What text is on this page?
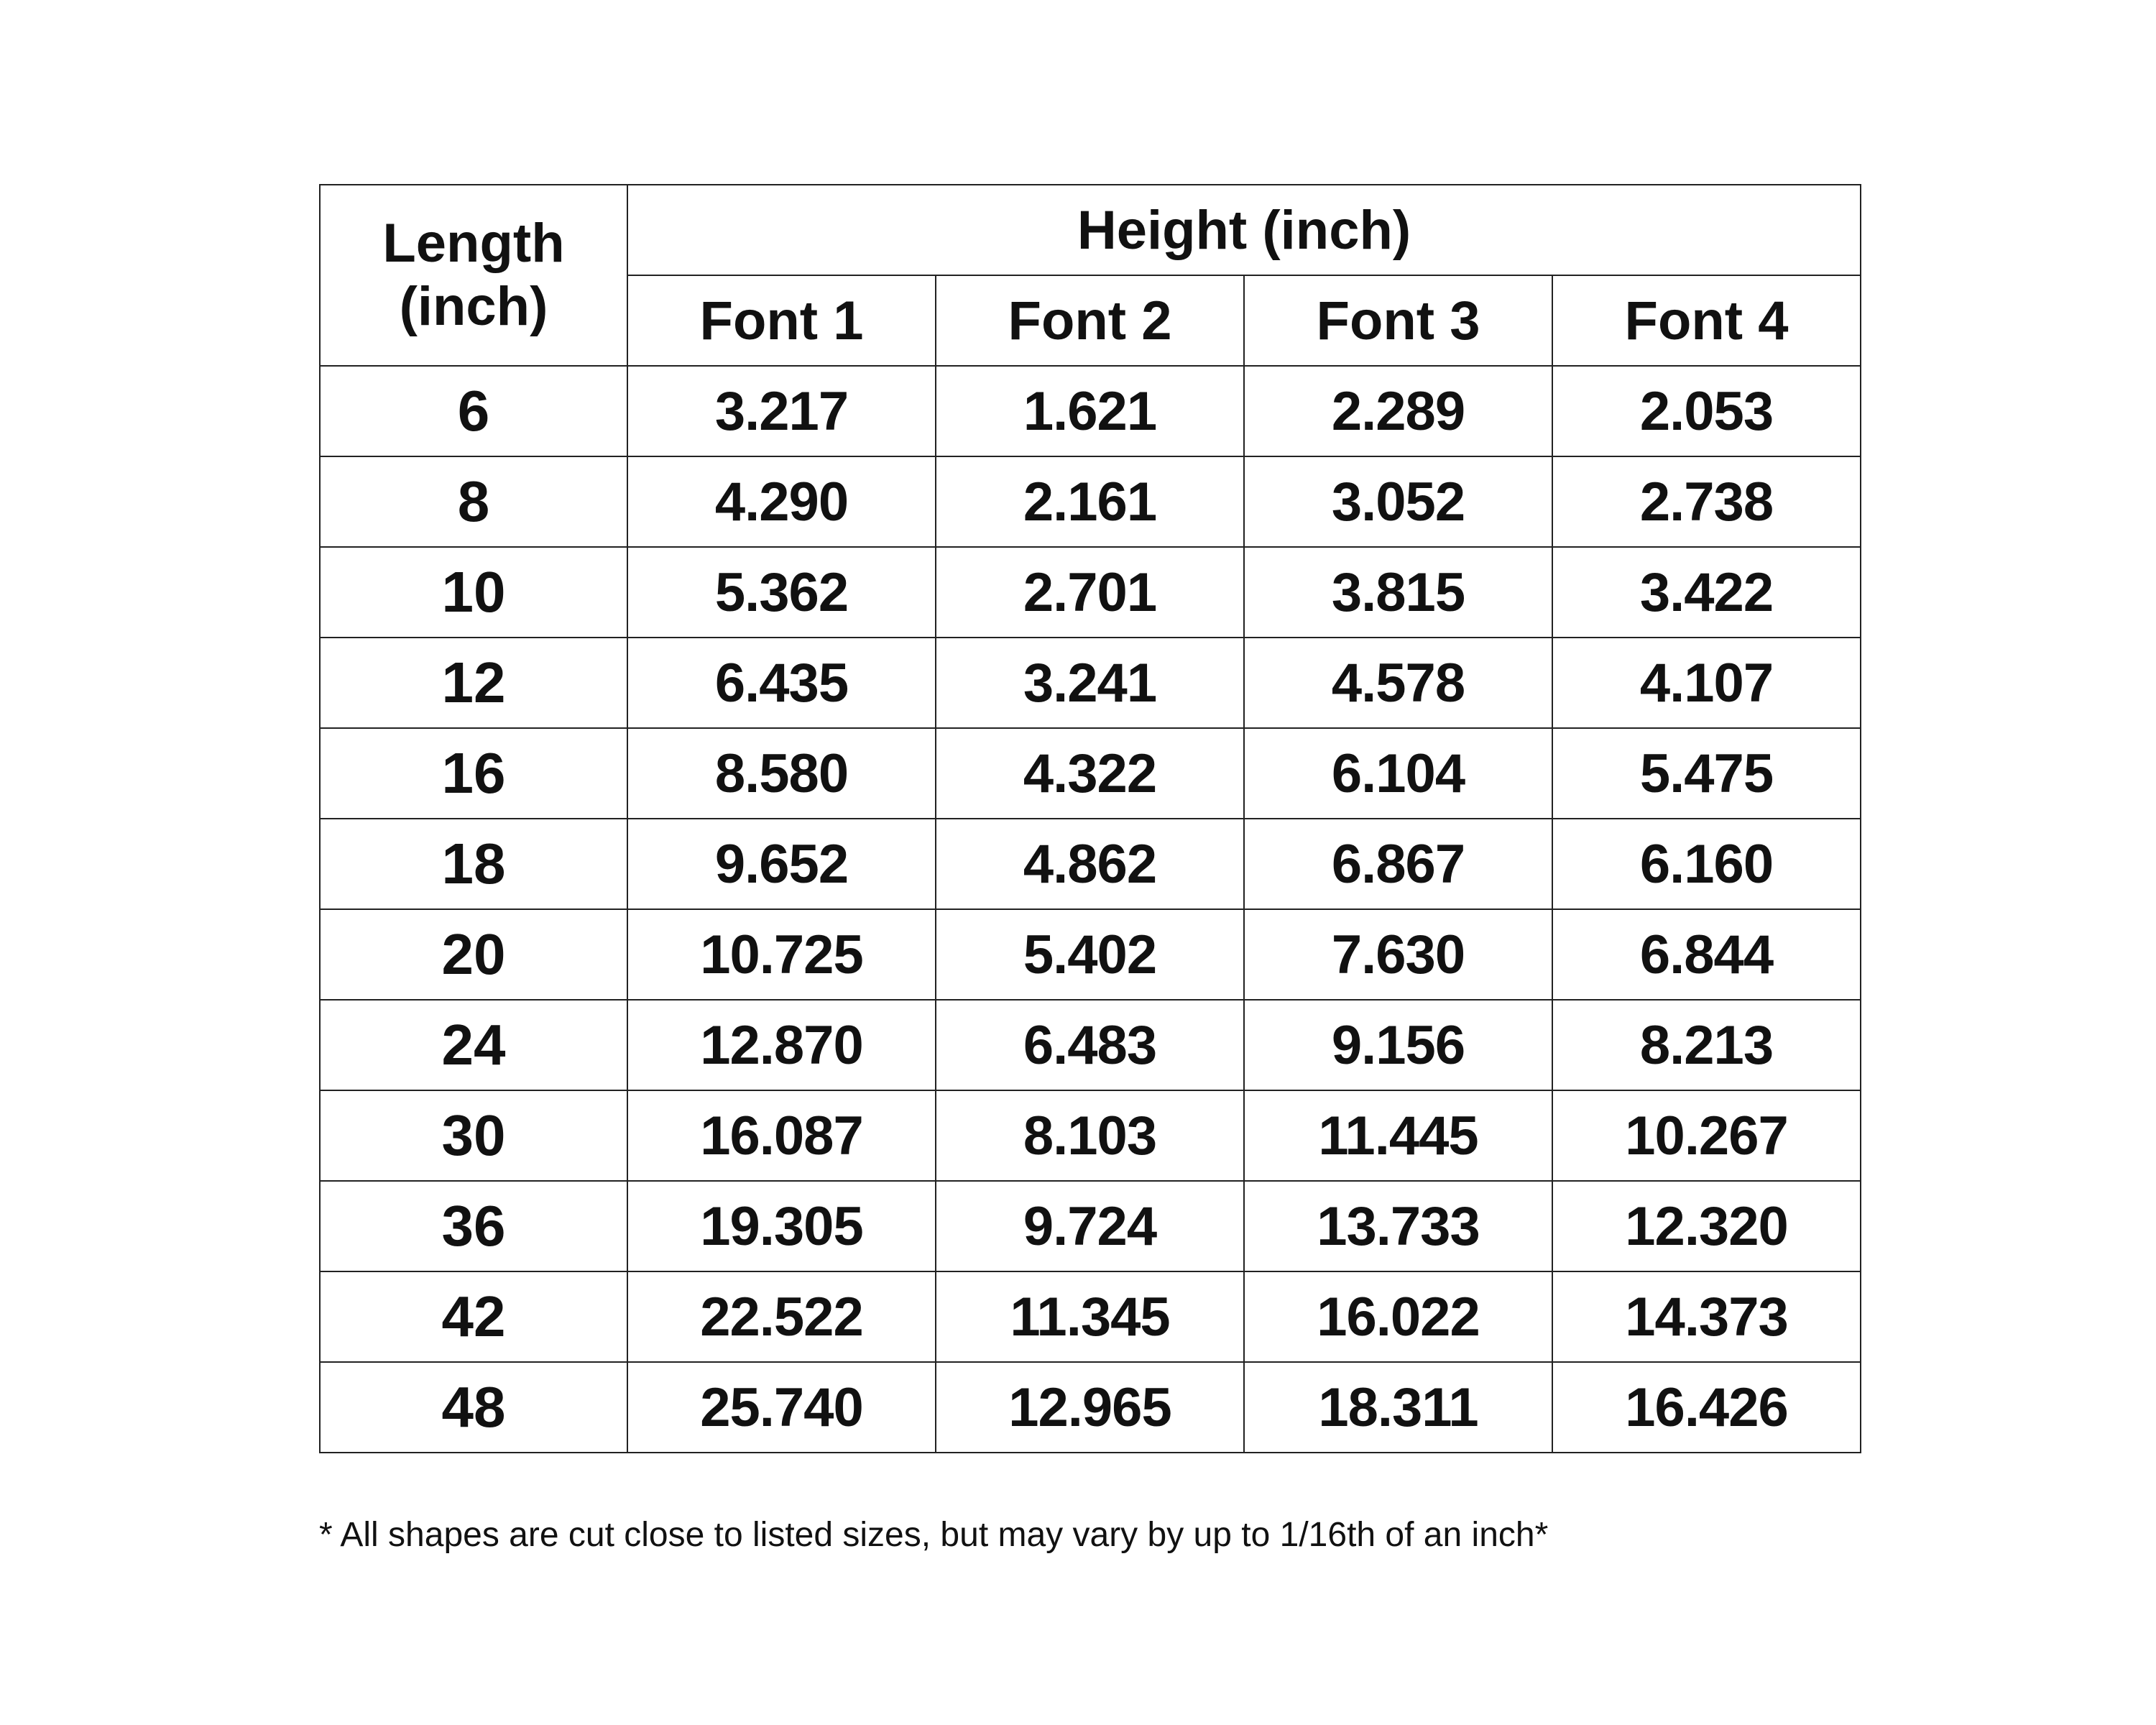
Length
(inch)	Height (inch)			
	Font 1	Font 2	Font 3	Font 4
6	3.217	1.621	2.289	2.053
8	4.290	2.161	3.052	2.738
10	5.362	2.701	3.815	3.422
12	6.435	3.241	4.578	4.107
16	8.580	4.322	6.104	5.475
18	9.652	4.862	6.867	6.160
20	10.725	5.402	7.630	6.844
24	12.870	6.483	9.156	8.213
30	16.087	8.103	11.445	10.267
36	19.305	9.724	13.733	12.320
42	22.522	11.345	16.022	14.373
48	25.740	12.965	18.311	16.426
* All shapes are cut close to listed sizes, but may vary by up to 1/16th of an inch*
